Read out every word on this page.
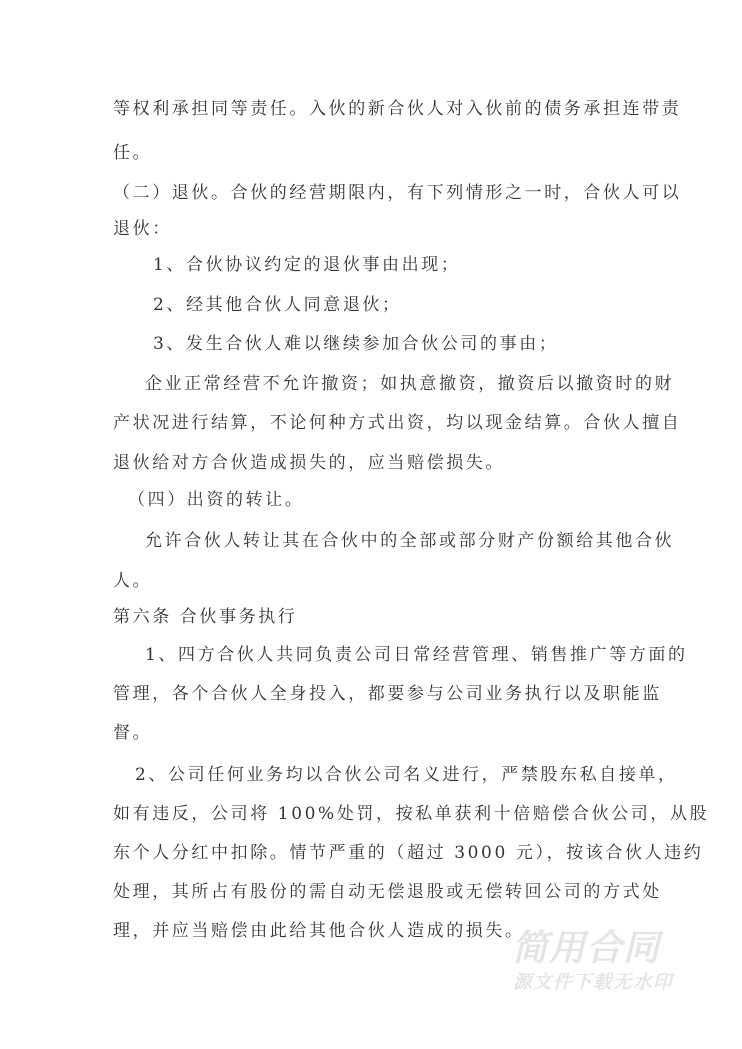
等权利承担同等责任。入伙的新合伙人对入伙前的债务承担连带责
任。
（二）退伙。合伙的经营期限内，有下列情形之一时，合伙人可以
退伙：
1、合伙协议约定的退伙事由出现；
2、经其他合伙人同意退伙；
3、发生合伙人难以继续参加合伙公司的事由；
企业正常经营不允许撤资；如执意撤资，撤资后以撤资时的财
产状况进行结算，不论何种方式出资，均以现金结算。合伙人擅自
退伙给对方合伙造成损失的，应当赔偿损失。
（四）出资的转让。
允许合伙人转让其在合伙中的全部或部分财产份额给其他合伙
人。
第六条 合伙事务执行
1、四方合伙人共同负责公司日常经营管理、销售推广等方面的
管理，各个合伙人全身投入，都要参与公司业务执行以及职能监
督。
2、公司任何业务均以合伙公司名义进行，严禁股东私自接单，
如有违反，公司将 100%处罚，按私单获利十倍赔偿合伙公司，从股
东个人分红中扣除。情节严重的（超过 3000 元），按该合伙人违约
处理，其所占有股份的需自动无偿退股或无偿转回公司的方式处
理，并应当赔偿由此给其他合伙人造成的损失。
简用合同
源文件下载无水印
